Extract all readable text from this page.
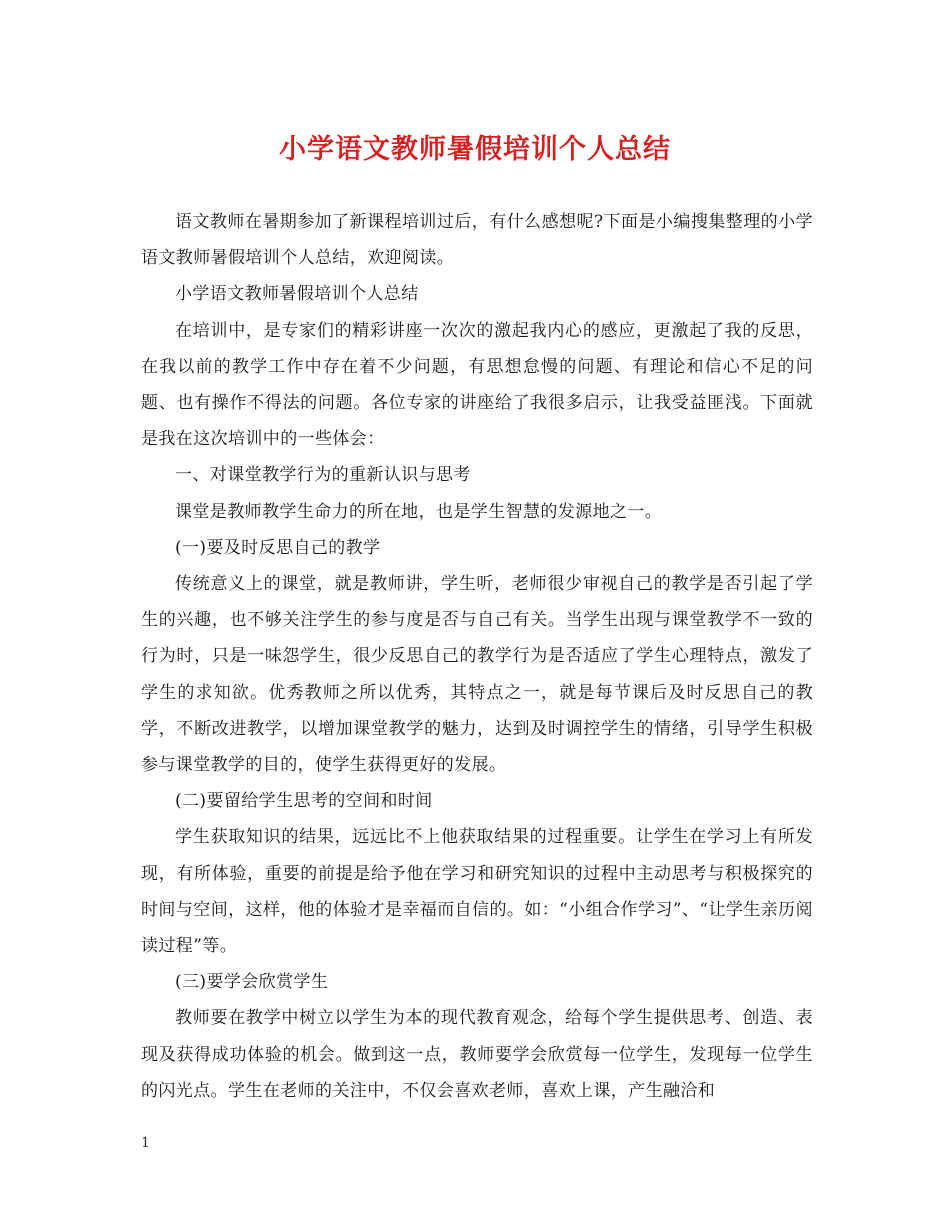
小学语文教师暑假培训个人总结

语文教师在暑期参加了新课程培训过后，有什么感想呢?下面是小编搜集整理的小学语文教师暑假培训个人总结，欢迎阅读。

小学语文教师暑假培训个人总结

在培训中，是专家们的精彩讲座一次次的激起我内心的感应，更激起了我的反思，在我以前的教学工作中存在着不少问题，有思想怠慢的问题、有理论和信心不足的问题、也有操作不得法的问题。各位专家的讲座给了我很多启示，让我受益匪浅。下面就是我在这次培训中的一些体会：

一、对课堂教学行为的重新认识与思考

课堂是教师教学生命力的所在地，也是学生智慧的发源地之一。

(一)要及时反思自己的教学

传统意义上的课堂，就是教师讲，学生听，老师很少审视自己的教学是否引起了学生的兴趣，也不够关注学生的参与度是否与自己有关。当学生出现与课堂教学不一致的行为时，只是一味怨学生，很少反思自己的教学行为是否适应了学生心理特点，激发了学生的求知欲。优秀教师之所以优秀，其特点之一，就是每节课后及时反思自己的教学，不断改进教学，以增加课堂教学的魅力，达到及时调控学生的情绪，引导学生积极参与课堂教学的目的，使学生获得更好的发展。

(二)要留给学生思考的空间和时间

学生获取知识的结果，远远比不上他获取结果的过程重要。让学生在学习上有所发现，有所体验，重要的前提是给予他在学习和研究知识的过程中主动思考与积极探究的时间与空间，这样，他的体验才是幸福而自信的。如：“小组合作学习”、“让学生亲历阅读过程”等。

(三)要学会欣赏学生

教师要在教学中树立以学生为本的现代教育观念，给每个学生提供思考、创造、表现及获得成功体验的机会。做到这一点，教师要学会欣赏每一位学生，发现每一位学生的闪光点。学生在老师的关注中，不仅会喜欢老师，喜欢上课，产生融洽和

1
